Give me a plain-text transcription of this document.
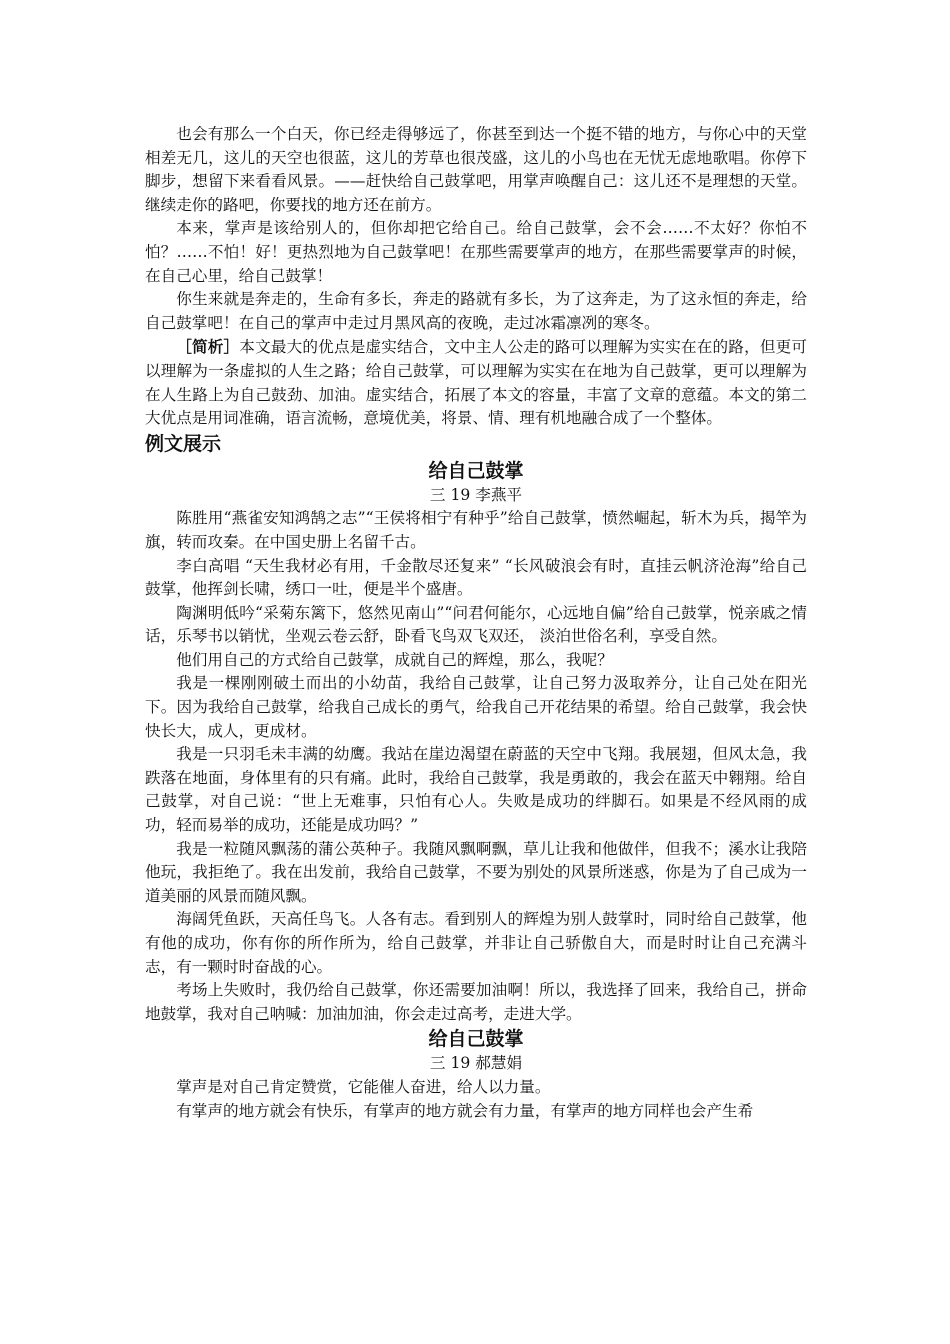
也会有那么一个白天，你已经走得够远了，你甚至到达一个挺不错的地方，与你心中的天堂相差无几，这儿的天空也很蓝，这儿的芳草也很茂盛，这儿的小鸟也在无忧无虑地歌唱。你停下脚步，想留下来看看风景。——赶快给自己鼓掌吧，用掌声唤醒自己：这儿还不是理想的天堂。继续走你的路吧，你要找的地方还在前方。

本来，掌声是该给别人的，但你却把它给自己。给自己鼓掌，会不会……不太好？你怕不怕？……不怕！好！更热烈地为自己鼓掌吧！在那些需要掌声的地方，在那些需要掌声的时候，在自己心里，给自己鼓掌！

你生来就是奔走的，生命有多长，奔走的路就有多长，为了这奔走，为了这永恒的奔走，给自己鼓掌吧！在自己的掌声中走过月黑风高的夜晚，走过冰霜凛冽的寒冬。

［简析］本文最大的优点是虚实结合，文中主人公走的路可以理解为实实在在的路，但更可以理解为一条虚拟的人生之路；给自己鼓掌，可以理解为实实在在地为自己鼓掌，更可以理解为在人生路上为自己鼓劲、加油。虚实结合，拓展了本文的容量，丰富了文章的意蕴。本文的第二大优点是用词准确，语言流畅，意境优美，将景、情、理有机地融合成了一个整体。

例文展示
给自己鼓掌

三 19 李燕平

陈胜用“燕雀安知鸿鹄之志”“王侯将相宁有种乎”给自己鼓掌，愤然崛起，斩木为兵，揭竿为旗，转而攻秦。在中国史册上名留千古。

李白高唱 “天生我材必有用，千金散尽还复来” “长风破浪会有时，直挂云帆济沧海”给自己鼓掌，他挥剑长啸，绣口一吐，便是半个盛唐。

陶渊明低吟“采菊东篱下，悠然见南山”“问君何能尔，心远地自偏”给自己鼓掌，悦亲戚之情话，乐琴书以销忧，坐观云卷云舒，卧看飞鸟双飞双还， 淡泊世俗名利，享受自然。

他们用自己的方式给自己鼓掌，成就自己的辉煌，那么，我呢？

我是一棵刚刚破土而出的小幼苗，我给自己鼓掌，让自己努力汲取养分，让自己处在阳光下。因为我给自己鼓掌，给我自己成长的勇气，给我自己开花结果的希望。给自己鼓掌，我会快快长大，成人，更成材。

我是一只羽毛未丰满的幼鹰。我站在崖边渴望在蔚蓝的天空中飞翔。我展翅，但风太急，我跌落在地面，身体里有的只有痛。此时，我给自己鼓掌，我是勇敢的，我会在蓝天中翱翔。给自己鼓掌，对自己说：“世上无难事，只怕有心人。失败是成功的绊脚石。如果是不经风雨的成功，轻而易举的成功，还能是成功吗？”

我是一粒随风飘荡的蒲公英种子。我随风飘啊飘，草儿让我和他做伴，但我不；溪水让我陪他玩，我拒绝了。我在出发前，我给自己鼓掌，不要为别处的风景所迷惑，你是为了自己成为一道美丽的风景而随风飘。

海阔凭鱼跃，天高任鸟飞。人各有志。看到别人的辉煌为别人鼓掌时，同时给自己鼓掌，他有他的成功，你有你的所作所为，给自己鼓掌，并非让自己骄傲自大，而是时时让自己充满斗志，有一颗时时奋战的心。

考场上失败时，我仍给自己鼓掌，你还需要加油啊！所以，我选择了回来，我给自己，拼命地鼓掌，我对自己呐喊：加油加油，你会走过高考，走进大学。

给自己鼓掌

三 19 郝慧娟

掌声是对自己肯定赞赏，它能催人奋进，给人以力量。

有掌声的地方就会有快乐，有掌声的地方就会有力量，有掌声的地方同样也会产生希
